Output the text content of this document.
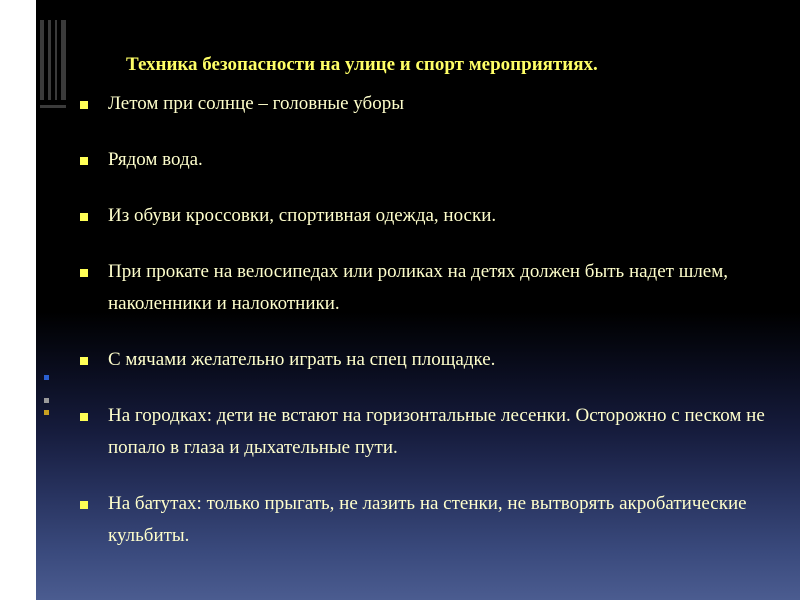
Техника безопасности на улице и спорт мероприятиях.
Летом при солнце – головные уборы
Рядом вода.
Из обуви кроссовки, спортивная одежда, носки.
При прокате на велосипедах или роликах на детях должен быть надет шлем, наколенники и налокотники.
С мячами желательно играть на спец площадке.
На городках: дети не встают на горизонтальные лесенки. Осторожно с песком не попало в глаза и дыхательные пути.
На батутах: только прыгать, не лазить на стенки, не вытворять акробатические кульбиты.
